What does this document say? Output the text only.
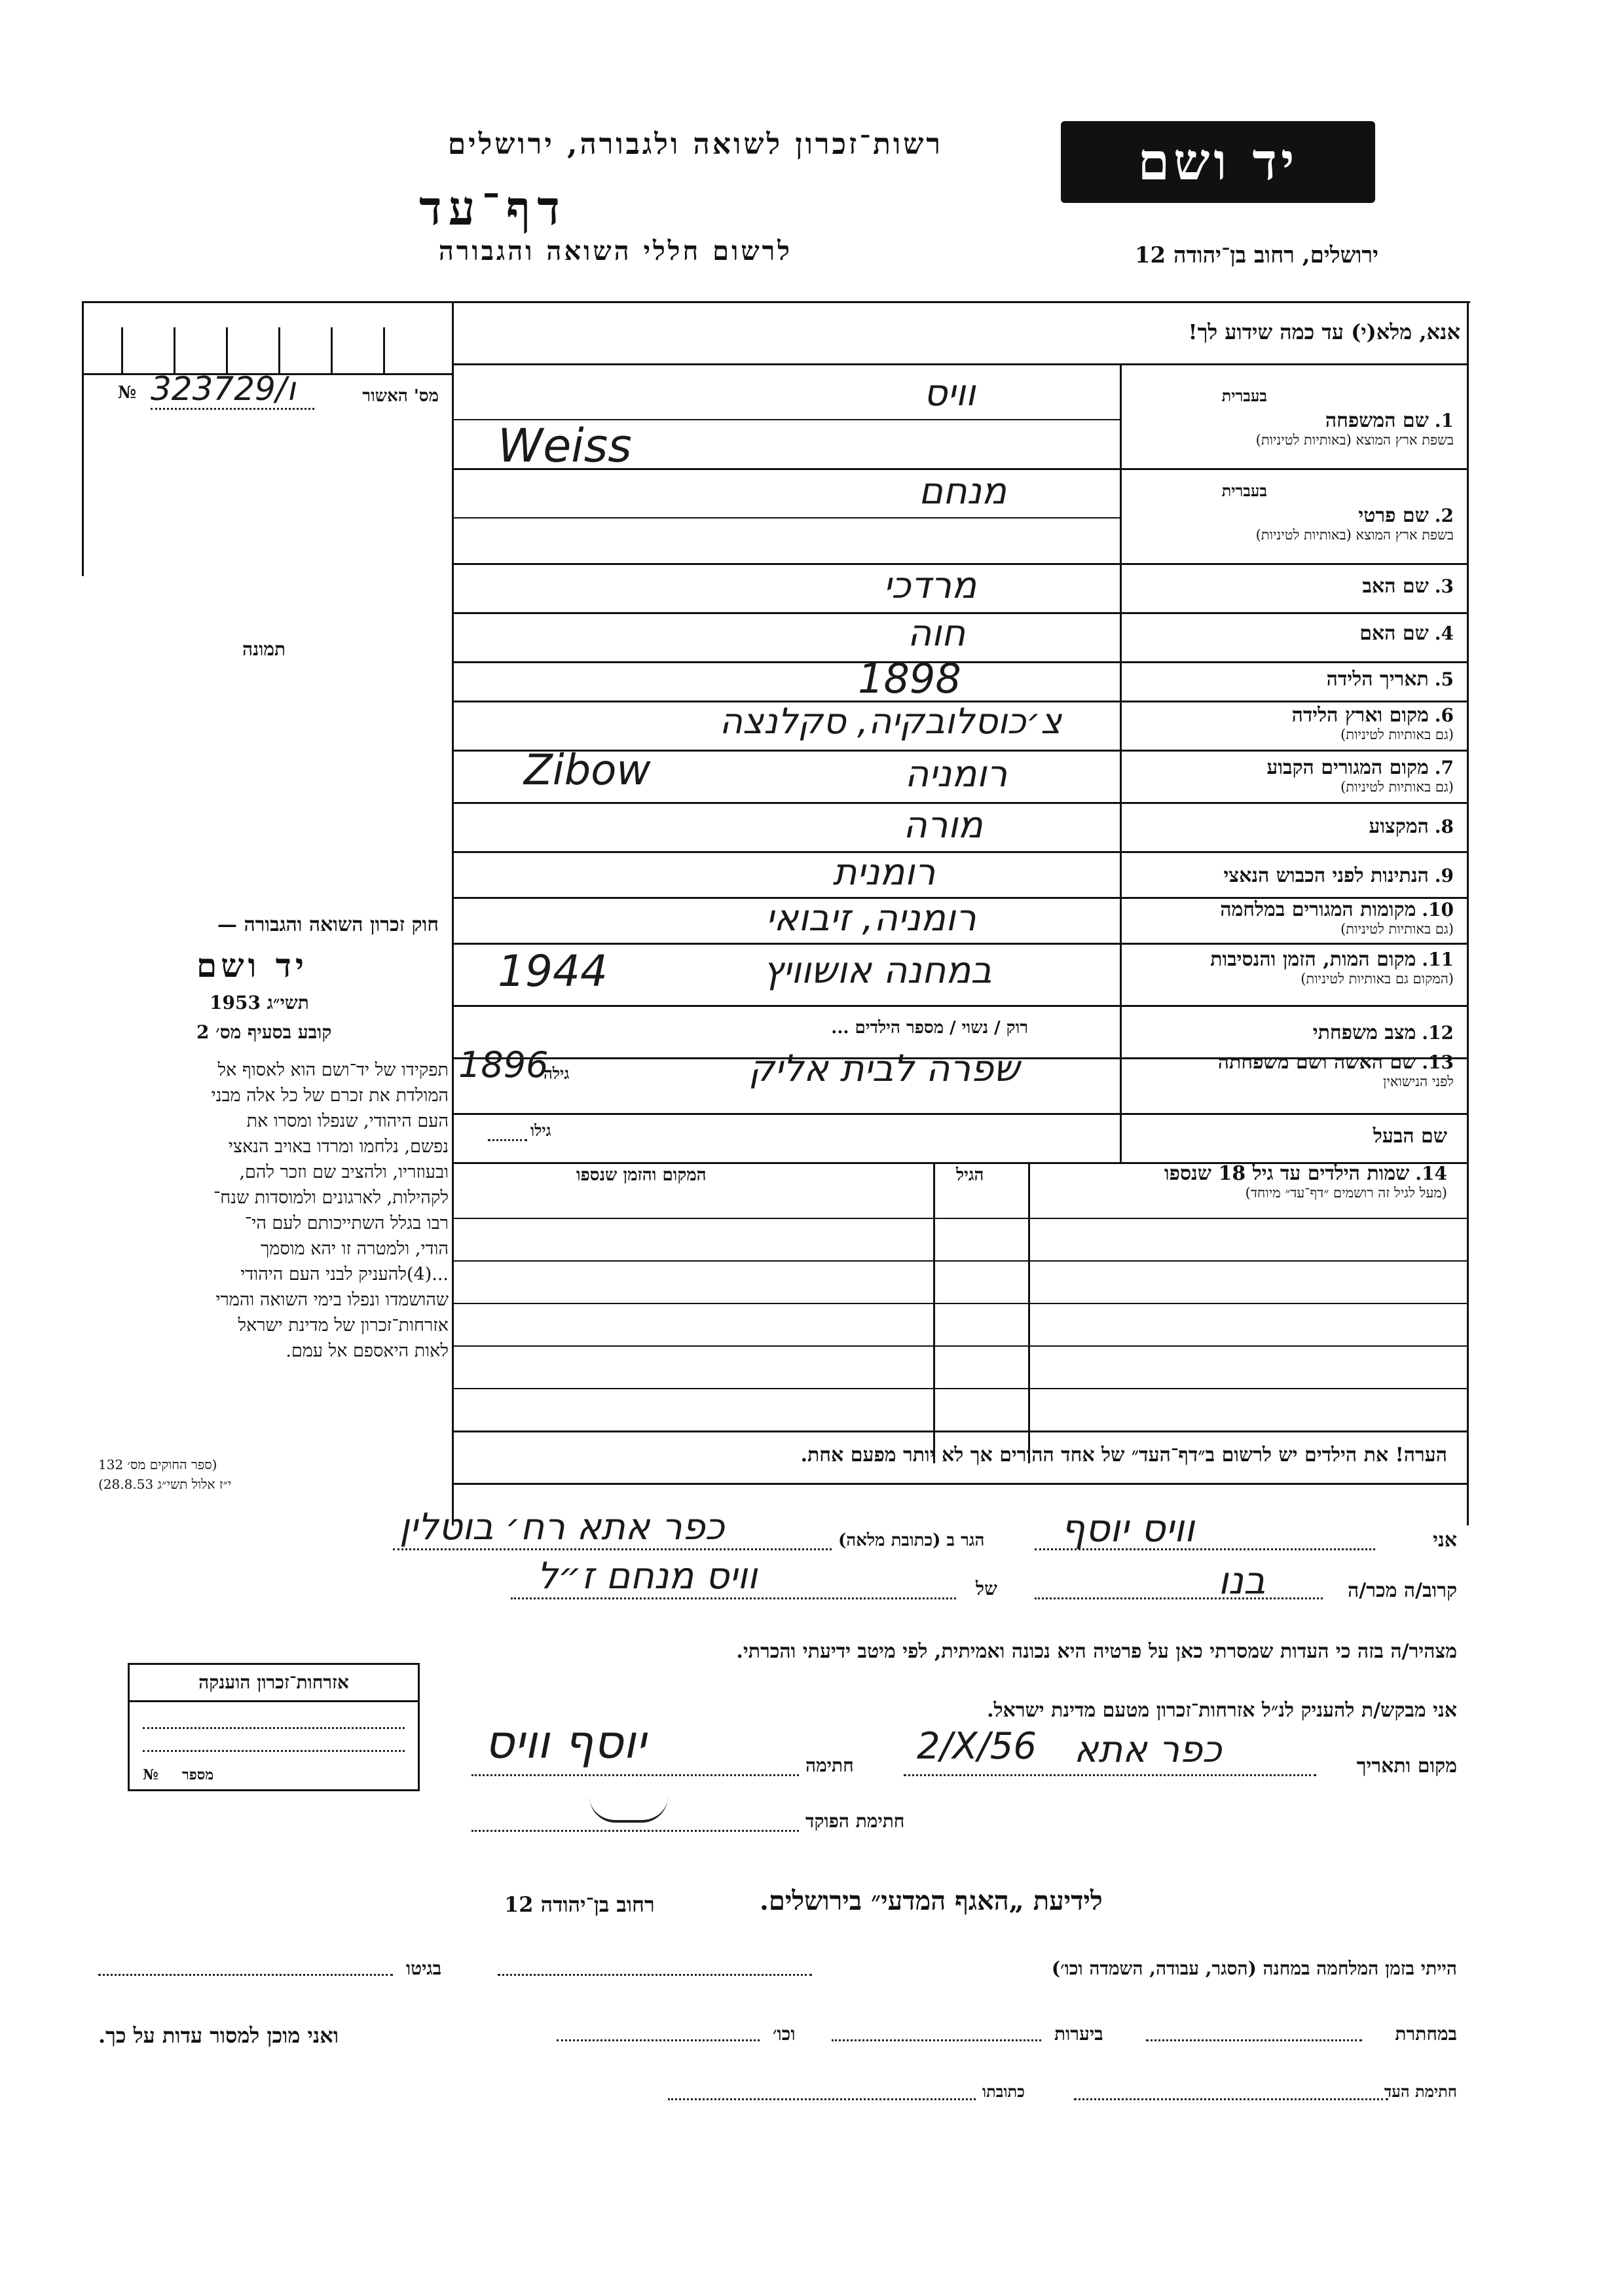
רשות־זכרון לשואה ולגבורה, ירושלים
דף־עד
לרשום חללי השואה והגבורה
יד ושם
ירושלים, רחוב בן־יהודה 12
№ 323729/ו	מס' האשור
תמונה
אנא, מלא(י) עד כמה שידוע לך!
בעברית
1. שם המשפחה
בשפת ארץ המוצא (באותיות לטיניות)
וויס
Weiss
בעברית
2. שם פרטי
בשפת ארץ המוצא (באותיות לטיניות)
מנחם
3. שם האב
מרדכי
4. שם האם
חוה
5. תאריך הלידה
1898
6. מקום וארץ הלידה
(גם באותיות לטיניות)
צ׳כוסלובקיה, סקלנצה
7. מקום המגורים הקבוע
(גם באותיות לטיניות)
רומניה
Zibow
8. המקצוע
מורה
9. הנתינות לפני הכבוש הנאצי
רומנית
10. מקומות המגורים במלחמה
(גם באותיות לטיניות)
רומניה, זיבואי
11. מקום המות, הזמן והנסיבות
(המקום גם באותיות לטיניות)
1944	במחנה אושוויץ
12. מצב משפחתי
רוק / נשוי / מספר הילדים ...
13. שם האשה ושם משפחתה
לפני הנישואין
1896
גילה	שפרה לבית אליק
שם הבעל
גילו
14. שמות הילדים עד גיל 18 שנספו
(מעל לגיל זה רושמים ״דף־עד״ מיוחד)
הגיל
המקום והזמן שנספו
הערה! את הילדים יש לרשום ב״דף־העד״ של אחד ההורים אך לא יותר מפעם אחת.
חוק זכרון השואה והגבורה —
יד ושם
1953 תשי״ג
קובע בסעיף מס׳ 2
תפקידו של יד־ושם הוא לאסוף אל
המולדת את זכרם של כל אלה מבני
העם היהודי, שנפלו ומסרו את
נפשם, נלחמו ומרדו באויב הנאצי
ובעוזריו, ולהציב שם וזכר להם,
לקהילות, לארגונים ולמוסדות שנח־
רבו בגלל השתייכותם לעם הי־
הודי, ולמטרה זו יהא מוסמך
...(4)להעניק לבני העם היהודי
שהושמדו ונפלו בימי השואה והמרי
אזרחות־זכרון של מדינת ישראל
לאות היאספם אל עמם.
(ספר החוקים מס׳ 132
י״ז אלול תשי״ג 28.8.53)
אני
וויס יוסף
הגר ב (כתובת מלאה)
כפר אתא רח׳ בוטלין
קרוב/ה מכר/ה
בנו
של
וויס מנחם ז״ל
מצהיר/ה בזה כי העדות שמסרתי כאן על פרטיה היא נכונה ואמיתית, לפי מיטב ידיעתי והכרתי.
אני מבקש/ת להעניק לנ״ל אזרחות־זכרון מטעם מדינת ישראל.
מקום ותאריך
כפר אתא
2/X/56
חתימה
יוסף וויס
חתימת הפוקד
אזרחות־זכרון הוענקה
מספר
№
לידיעת „האגף המדעי״ בירושלים.
רחוב בן־יהודה 12
הייתי בזמן המלחמה במחנה (הסגר, עבודה, השמדה וכו׳)
בגיטו
במחתרת
ביערות
וכו׳
ואני מוכן למסור עדות על כך.
חתימת העד
כתובתו
